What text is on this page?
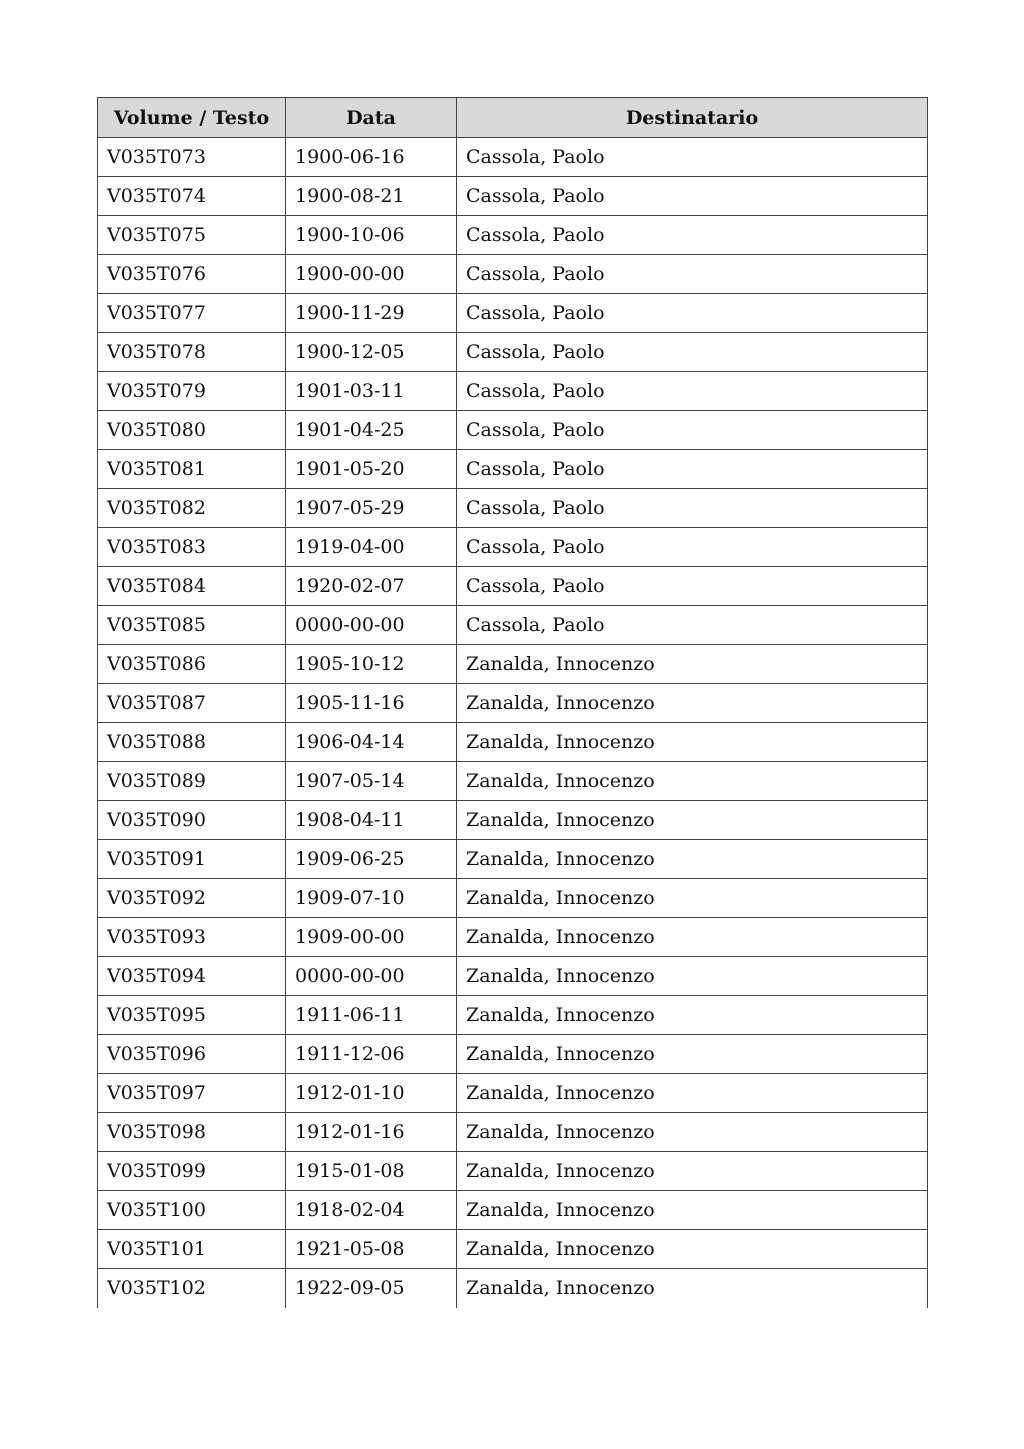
Volume / Testo	Data	Destinatario
V035T073	1900-06-16	Cassola, Paolo
V035T074	1900-08-21	Cassola, Paolo
V035T075	1900-10-06	Cassola, Paolo
V035T076	1900-00-00	Cassola, Paolo
V035T077	1900-11-29	Cassola, Paolo
V035T078	1900-12-05	Cassola, Paolo
V035T079	1901-03-11	Cassola, Paolo
V035T080	1901-04-25	Cassola, Paolo
V035T081	1901-05-20	Cassola, Paolo
V035T082	1907-05-29	Cassola, Paolo
V035T083	1919-04-00	Cassola, Paolo
V035T084	1920-02-07	Cassola, Paolo
V035T085	0000-00-00	Cassola, Paolo
V035T086	1905-10-12	Zanalda, Innocenzo
V035T087	1905-11-16	Zanalda, Innocenzo
V035T088	1906-04-14	Zanalda, Innocenzo
V035T089	1907-05-14	Zanalda, Innocenzo
V035T090	1908-04-11	Zanalda, Innocenzo
V035T091	1909-06-25	Zanalda, Innocenzo
V035T092	1909-07-10	Zanalda, Innocenzo
V035T093	1909-00-00	Zanalda, Innocenzo
V035T094	0000-00-00	Zanalda, Innocenzo
V035T095	1911-06-11	Zanalda, Innocenzo
V035T096	1911-12-06	Zanalda, Innocenzo
V035T097	1912-01-10	Zanalda, Innocenzo
V035T098	1912-01-16	Zanalda, Innocenzo
V035T099	1915-01-08	Zanalda, Innocenzo
V035T100	1918-02-04	Zanalda, Innocenzo
V035T101	1921-05-08	Zanalda, Innocenzo
V035T102	1922-09-05	Zanalda, Innocenzo
